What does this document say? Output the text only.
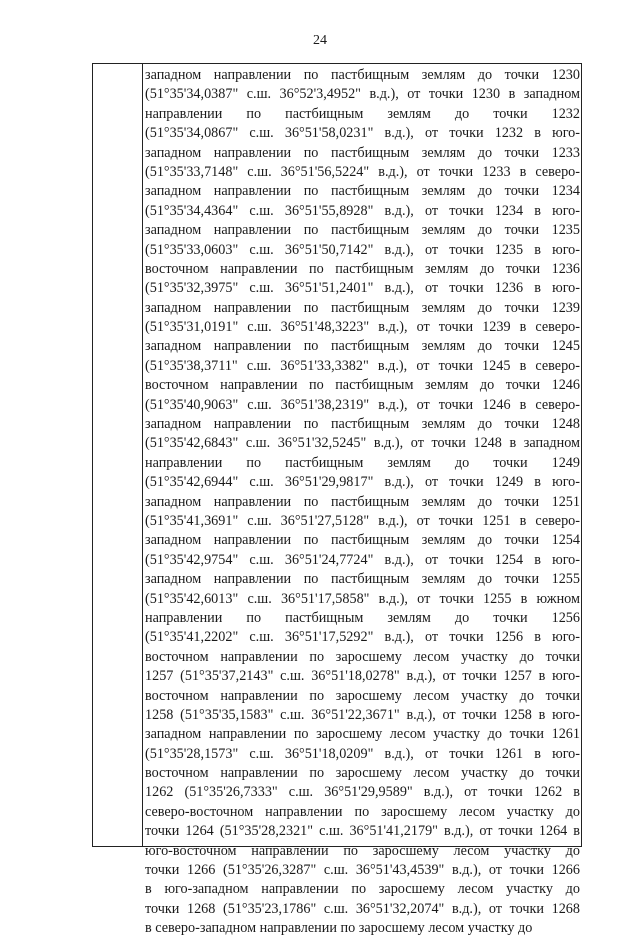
24
западном направлении по пастбищным землям до точки 1230
(51°35'34,0387" с.ш. 36°52'3,4952" в.д.), от точки 1230 в западном
направлении по пастбищным землям до точки 1232
(51°35'34,0867" с.ш. 36°51'58,0231" в.д.), от точки 1232 в юго-
западном направлении по пастбищным землям до точки 1233
(51°35'33,7148" с.ш. 36°51'56,5224" в.д.), от точки 1233 в северо-
западном направлении по пастбищным землям до точки 1234
(51°35'34,4364" с.ш. 36°51'55,8928" в.д.), от точки 1234 в юго-
западном направлении по пастбищным землям до точки 1235
(51°35'33,0603" с.ш. 36°51'50,7142" в.д.), от точки 1235 в юго-
восточном направлении по пастбищным землям до точки 1236
(51°35'32,3975" с.ш. 36°51'51,2401" в.д.), от точки 1236 в юго-
западном направлении по пастбищным землям до точки 1239
(51°35'31,0191" с.ш. 36°51'48,3223" в.д.), от точки 1239 в северо-
западном направлении по пастбищным землям до точки 1245
(51°35'38,3711" с.ш. 36°51'33,3382" в.д.), от точки 1245 в северо-
восточном направлении по пастбищным землям до точки 1246
(51°35'40,9063" с.ш. 36°51'38,2319" в.д.), от точки 1246 в северо-
западном направлении по пастбищным землям до точки 1248
(51°35'42,6843" с.ш. 36°51'32,5245" в.д.), от точки 1248 в западном
направлении по пастбищным землям до точки 1249
(51°35'42,6944" с.ш. 36°51'29,9817" в.д.), от точки 1249 в юго-
западном направлении по пастбищным землям до точки 1251
(51°35'41,3691" с.ш. 36°51'27,5128" в.д.), от точки 1251 в северо-
западном направлении по пастбищным землям до точки 1254
(51°35'42,9754" с.ш. 36°51'24,7724" в.д.), от точки 1254 в юго-
западном направлении по пастбищным землям до точки 1255
(51°35'42,6013" с.ш. 36°51'17,5858" в.д.), от точки 1255 в южном
направлении по пастбищным землям до точки 1256
(51°35'41,2202" с.ш. 36°51'17,5292" в.д.), от точки 1256 в юго-
восточном направлении по заросшему лесом участку до точки
1257 (51°35'37,2143" с.ш. 36°51'18,0278" в.д.), от точки 1257 в юго-
восточном направлении по заросшему лесом участку до точки
1258 (51°35'35,1583" с.ш. 36°51'22,3671" в.д.), от точки 1258 в юго-
западном направлении по заросшему лесом участку до точки 1261
(51°35'28,1573" с.ш. 36°51'18,0209" в.д.), от точки 1261 в юго-
восточном направлении по заросшему лесом участку до точки
1262 (51°35'26,7333" с.ш. 36°51'29,9589" в.д.), от точки 1262 в
северо-восточном направлении по заросшему лесом участку до
точки 1264 (51°35'28,2321" с.ш. 36°51'41,2179" в.д.), от точки 1264 в
юго-восточном направлении по заросшему лесом участку до
точки 1266 (51°35'26,3287" с.ш. 36°51'43,4539" в.д.), от точки 1266
в юго-западном направлении по заросшему лесом участку до
точки 1268 (51°35'23,1786" с.ш. 36°51'32,2074" в.д.), от точки 1268
в северо-западном направлении по заросшему лесом участку до
